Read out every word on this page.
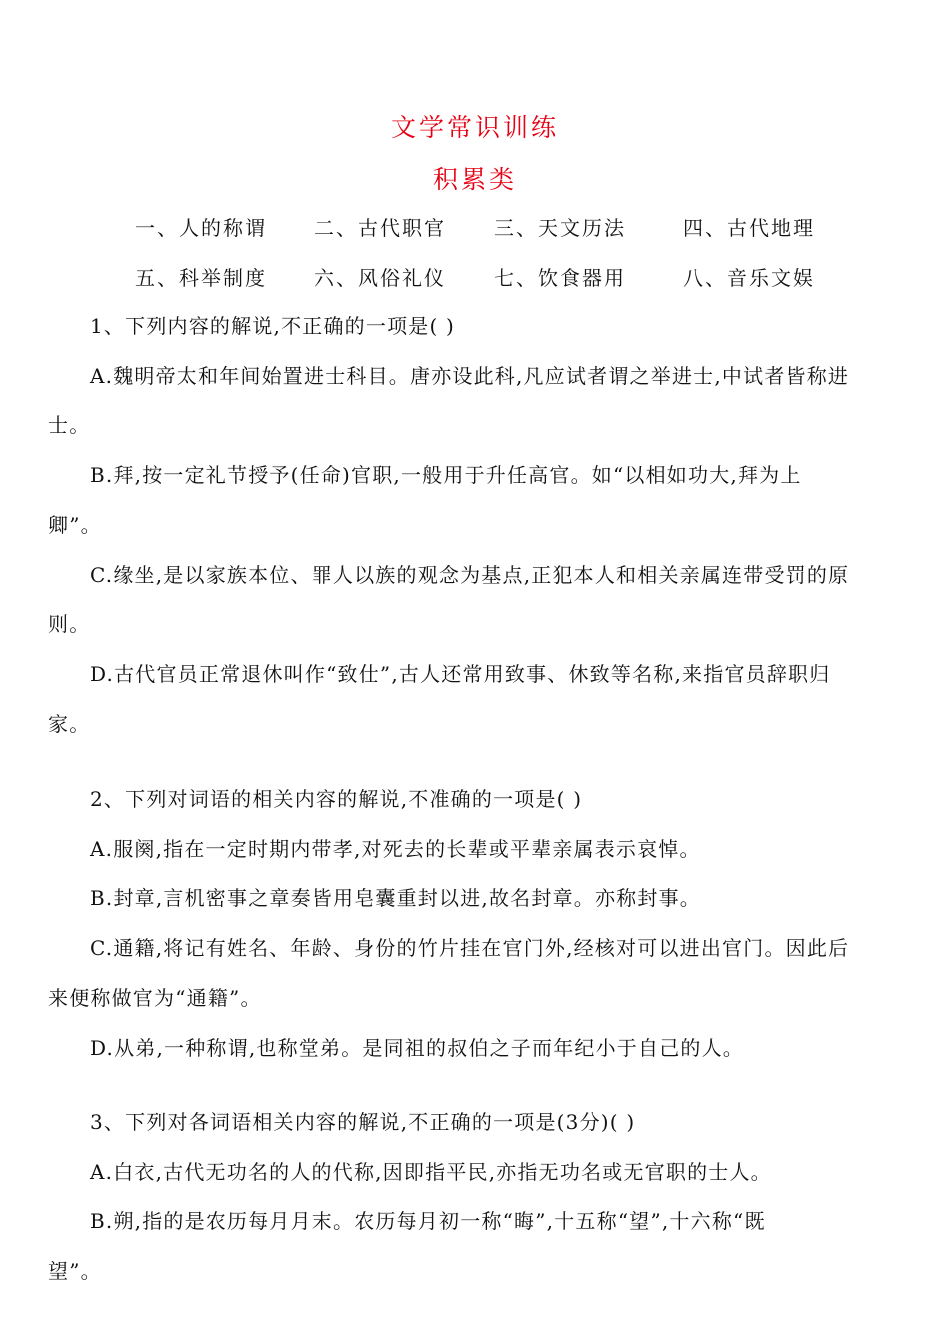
文学常识训练
积累类
一、人的称谓 二、古代职官 三、天文历法	四、古代地理
五、科举制度 六、风俗礼仪 七、饮食器用	八、音乐文娱
1、下列内容的解说,不正确的一项是( )
A.魏明帝太和年间始置进士科目。唐亦设此科,凡应试者谓之举进士,中试者皆称进
士。
B.拜,按一定礼节授予(任命)官职,一般用于升任高官。如“以相如功大,拜为上
卿”。
C.缘坐,是以家族本位、罪人以族的观念为基点,正犯本人和相关亲属连带受罚的原
则。
D.古代官员正常退休叫作“致仕”,古人还常用致事、休致等名称,来指官员辞职归
家。
2、下列对词语的相关内容的解说,不准确的一项是( )
A.服阕,指在一定时期内带孝,对死去的长辈或平辈亲属表示哀悼。
B.封章,言机密事之章奏皆用皂囊重封以进,故名封章。亦称封事。
C.通籍,将记有姓名、年龄、身份的竹片挂在官门外,经核对可以进出官门。因此后
来便称做官为“通籍”。
D.从弟,一种称谓,也称堂弟。是同祖的叔伯之子而年纪小于自己的人。
3、下列对各词语相关内容的解说,不正确的一项是(3分)( )
A.白衣,古代无功名的人的代称,因即指平民,亦指无功名或无官职的士人。
B.朔,指的是农历每月月末。农历每月初一称“晦”,十五称“望”,十六称“既
望”。
